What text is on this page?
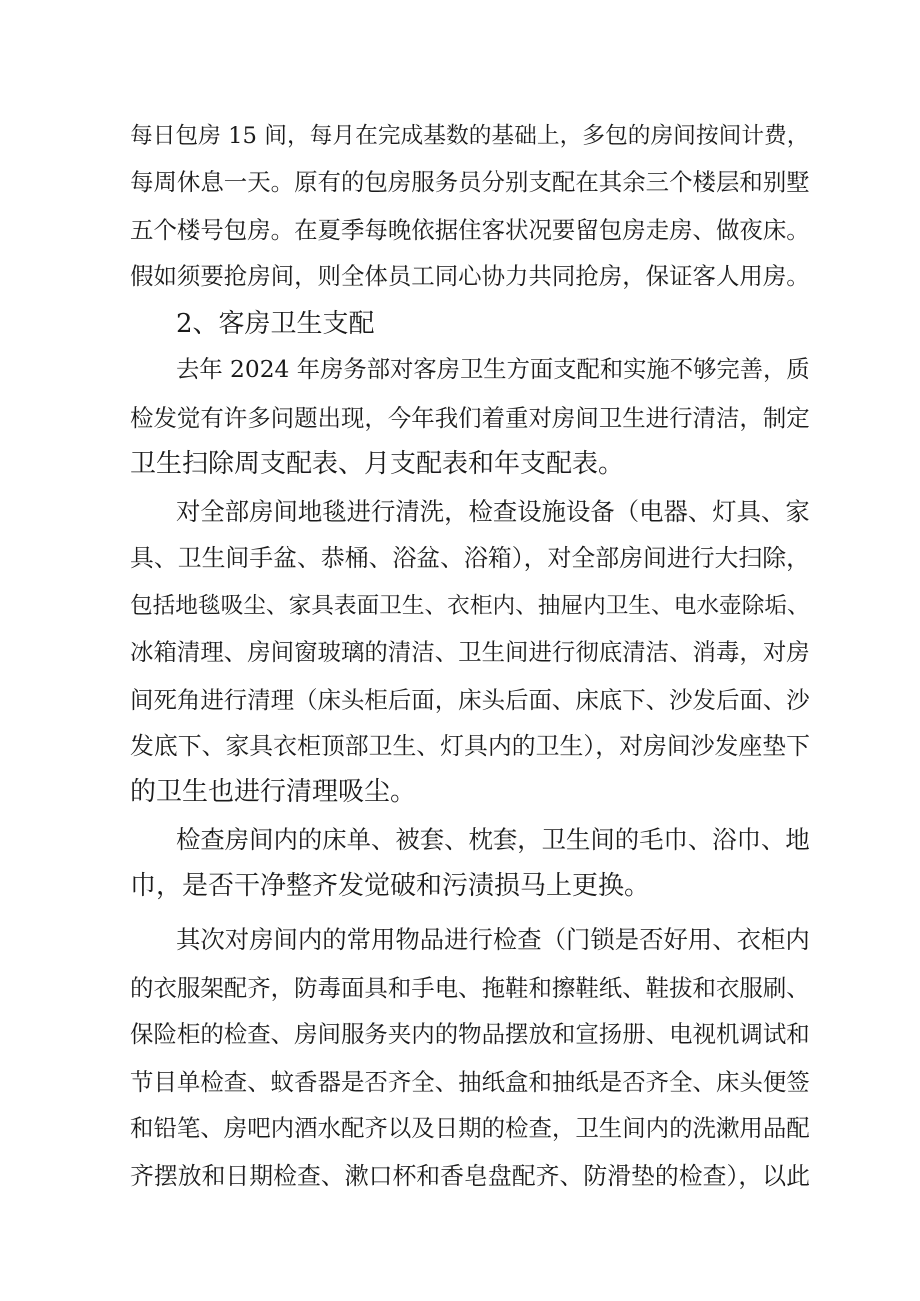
每日包房 15 间，每月在完成基数的基础上，多包的房间按间计费，
每周休息一天。原有的包房服务员分别支配在其余三个楼层和别墅
五个楼号包房。在夏季每晚依据住客状况要留包房走房、做夜床。
假如须要抢房间，则全体员工同心协力共同抢房，保证客人用房。
2、客房卫生支配
去年 2024 年房务部对客房卫生方面支配和实施不够完善，质
检发觉有许多问题出现，今年我们着重对房间卫生进行清洁，制定
卫生扫除周支配表、月支配表和年支配表。
对全部房间地毯进行清洗，检查设施设备（电器、灯具、家
具、卫生间手盆、恭桶、浴盆、浴箱），对全部房间进行大扫除，
包括地毯吸尘、家具表面卫生、衣柜内、抽屉内卫生、电水壶除垢、
冰箱清理、房间窗玻璃的清洁、卫生间进行彻底清洁、消毒，对房
间死角进行清理（床头柜后面，床头后面、床底下、沙发后面、沙
发底下、家具衣柜顶部卫生、灯具内的卫生），对房间沙发座垫下
的卫生也进行清理吸尘。
检查房间内的床单、被套、枕套，卫生间的毛巾、浴巾、地
巾，是否干净整齐发觉破和污渍损马上更换。
其次对房间内的常用物品进行检查（门锁是否好用、衣柜内
的衣服架配齐，防毒面具和手电、拖鞋和擦鞋纸、鞋拔和衣服刷、
保险柜的检查、房间服务夹内的物品摆放和宣扬册、电视机调试和
节目单检查、蚊香器是否齐全、抽纸盒和抽纸是否齐全、床头便签
和铅笔、房吧内酒水配齐以及日期的检查，卫生间内的洗漱用品配
齐摆放和日期检查、漱口杯和香皂盘配齐、防滑垫的检查），以此
